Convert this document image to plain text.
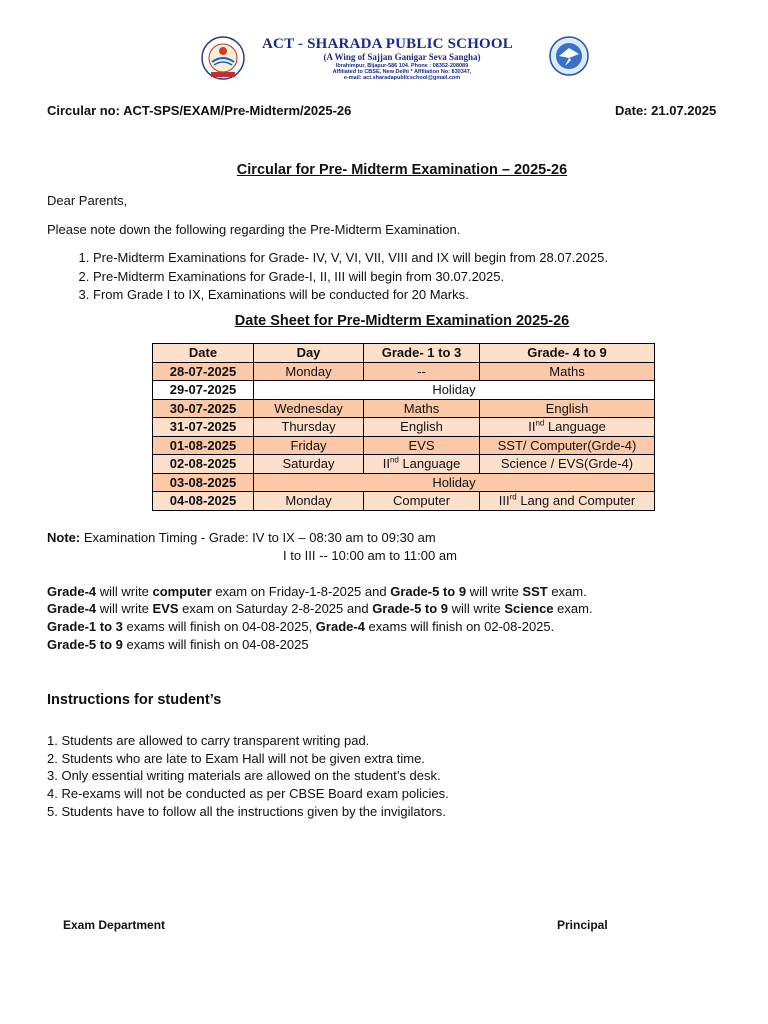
ACT - SHARADA PUBLIC SCHOOL
(A Wing of Sajjan Ganigar Seva Sangha)
Ibrahimpur, Bijapur-586 104. Phone : 08352-208089
Affiliated to CBSE, New Delhi * Affiliation No: 830347,
e-mail: act.sharadapublicschool@gmail.com
Circular no: ACT-SPS/EXAM/Pre-Midterm/2025-26	Date: 21.07.2025
Circular for Pre- Midterm Examination – 2025-26
Dear Parents,
Please note down the following regarding the Pre-Midterm Examination.
1. Pre-Midterm Examinations for Grade- IV, V, VI, VII, VIII and IX will begin from 28.07.2025.
2. Pre-Midterm Examinations for Grade-I, II, III will begin from 30.07.2025.
3. From Grade I to IX, Examinations will be conducted for 20 Marks.
Date Sheet for Pre-Midterm Examination 2025-26
Date	Day	Grade- 1 to 3	Grade- 4 to 9
28-07-2025	Monday	--	Maths
29-07-2025	Holiday		
30-07-2025	Wednesday	Maths	English
31-07-2025	Thursday	English	IInd Language
01-08-2025	Friday	EVS	SST/ Computer(Grde-4)
02-08-2025	Saturday	IInd Language	Science / EVS(Grde-4)
03-08-2025	Holiday		
04-08-2025	Monday	Computer	IIIrd Lang and Computer
Note: Examination Timing - Grade: IV to IX – 08:30 am to 09:30 am
I to III -- 10:00 am to 11:00 am
Grade-4 will write computer exam on Friday-1-8-2025 and Grade-5 to 9 will write SST exam.
Grade-4 will write EVS exam on Saturday 2-8-2025 and Grade-5 to 9 will write Science exam.
Grade-1 to 3 exams will finish on 04-08-2025, Grade-4 exams will finish on 02-08-2025.
Grade-5 to 9 exams will finish on 04-08-2025
Instructions for student’s
1. Students are allowed to carry transparent writing pad.
2. Students who are late to Exam Hall will not be given extra time.
3. Only essential writing materials are allowed on the student’s desk.
4. Re-exams will not be conducted as per CBSE Board exam policies.
5. Students have to follow all the instructions given by the invigilators.
Exam Department	Principal
